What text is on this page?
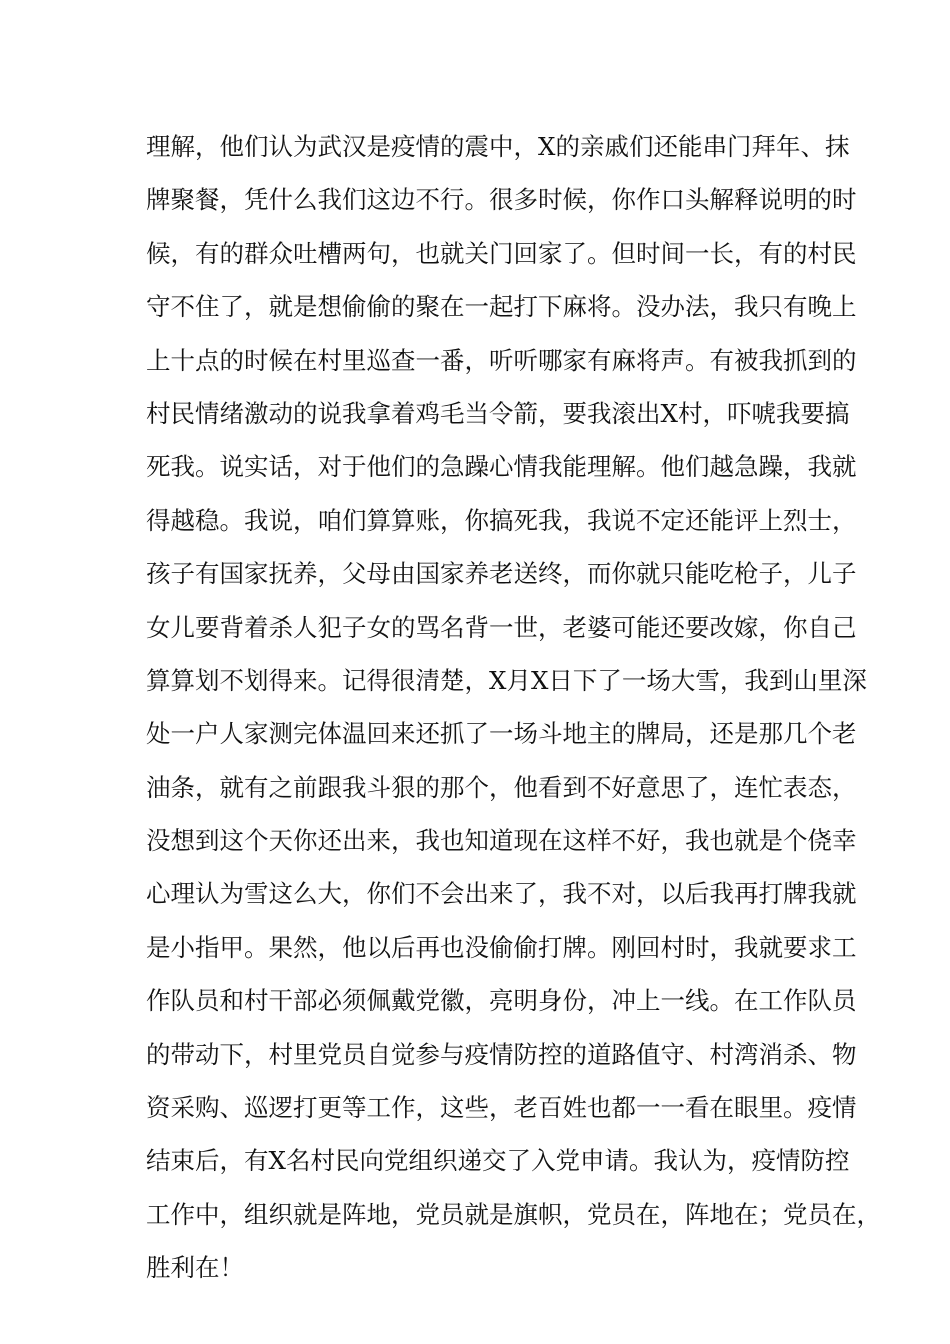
理解，他们认为武汉是疫情的震中，X的亲戚们还能串门拜年、抹
牌聚餐，凭什么我们这边不行。很多时候，你作口头解释说明的时
候，有的群众吐槽两句，也就关门回家了。但时间一长，有的村民
守不住了，就是想偷偷的聚在一起打下麻将。没办法，我只有晚上
上十点的时候在村里巡查一番，听听哪家有麻将声。有被我抓到的
村民情绪激动的说我拿着鸡毛当令箭，要我滚出X村，吓唬我要搞
死我。说实话，对于他们的急躁心情我能理解。他们越急躁，我就
得越稳。我说，咱们算算账，你搞死我，我说不定还能评上烈士，
孩子有国家抚养，父母由国家养老送终，而你就只能吃枪子，儿子
女儿要背着杀人犯子女的骂名背一世，老婆可能还要改嫁，你自己
算算划不划得来。记得很清楚，X月X日下了一场大雪，我到山里深
处一户人家测完体温回来还抓了一场斗地主的牌局，还是那几个老
油条，就有之前跟我斗狠的那个，他看到不好意思了，连忙表态，
没想到这个天你还出来，我也知道现在这样不好，我也就是个侥幸
心理认为雪这么大，你们不会出来了，我不对，以后我再打牌我就
是小指甲。果然，他以后再也没偷偷打牌。刚回村时，我就要求工
作队员和村干部必须佩戴党徽，亮明身份，冲上一线。在工作队员
的带动下，村里党员自觉参与疫情防控的道路值守、村湾消杀、物
资采购、巡逻打更等工作，这些，老百姓也都一一看在眼里。疫情
结束后，有X名村民向党组织递交了入党申请。我认为，疫情防控
工作中，组织就是阵地，党员就是旗帜，党员在，阵地在；党员在，
胜利在！
